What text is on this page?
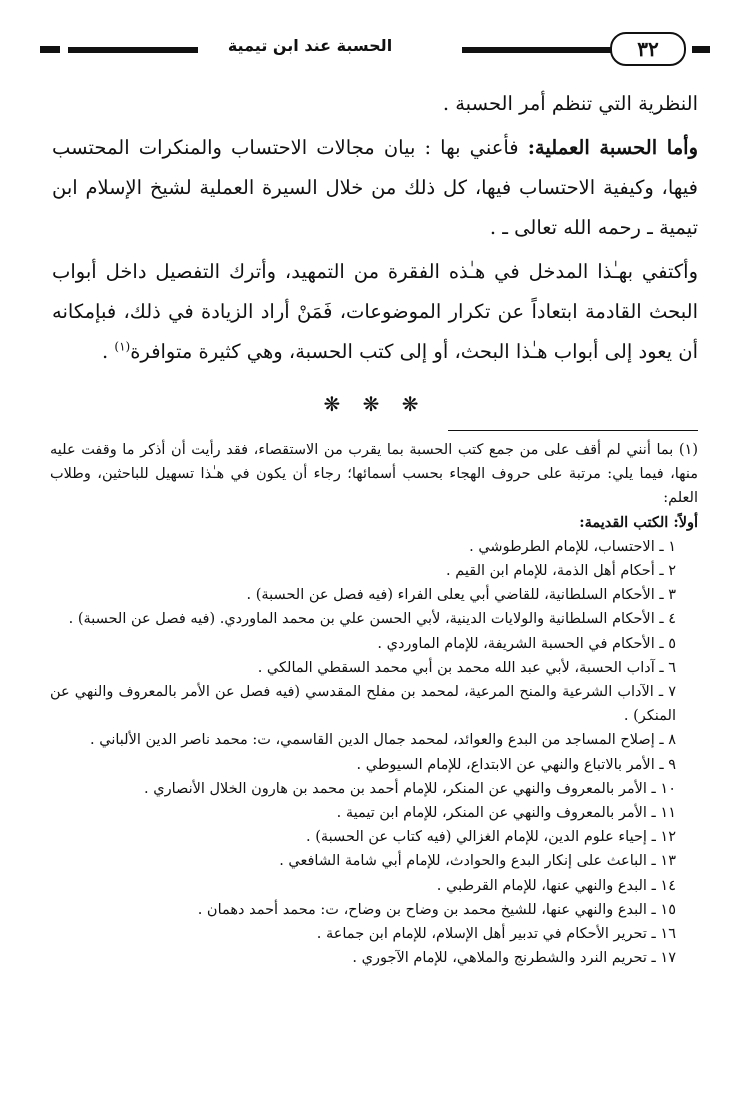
٣٢
الحسبة عند ابن تيمية

النظرية التي تنظم أمر الحسبة .

وأما الحسبة العملية: فأعني بها : بيان مجالات الاحتساب والمنكرات المحتسب فيها، وكيفية الاحتساب فيها، كل ذلك من خلال السيرة العملية لشيخ الإسلام ابن تيمية ـ رحمه الله تعالى ـ .

وأكتفي بهـٰذا المدخل في هـٰذه الفقرة من التمهيد، وأترك التفصيل داخل أبواب البحث القادمة ابتعاداً عن تكرار الموضوعات، فَمَنْ أراد الزيادة في ذلك، فبإمكانه أن يعود إلى أبواب هـٰذا البحث، أو إلى كتب الحسبة، وهي كثيرة متوافرة$^{(١)}$ .

❋ ❋ ❋

(١) بما أنني لم أقف على من جمع كتب الحسبة بما يقرب من الاستقصاء، فقد رأيت أن أذكر ما وقفت عليه منها، فيما يلي: مرتبة على حروف الهجاء بحسب أسمائها؛ رجاء أن يكون في هـٰذا تسهيل للباحثين، وطلاب العلم:

أولاً: الكتب القديمة:

١ ـ الاحتساب، للإمام الطرطوشي .
٢ ـ أحكام أهل الذمة، للإمام ابن القيم .
٣ ـ الأحكام السلطانية، للقاضي أبي يعلى الفراء (فيه فصل عن الحسبة) .
٤ ـ الأحكام السلطانية والولايات الدينية، لأبي الحسن علي بن محمد الماوردي. (فيه فصل عن الحسبة) .
٥ ـ الأحكام في الحسبة الشريفة، للإمام الماوردي .
٦ ـ آداب الحسبة، لأبي عبد الله محمد بن أبي محمد السقطي المالكي .
٧ ـ الآداب الشرعية والمنح المرعية، لمحمد بن مفلح المقدسي (فيه فصل عن الأمر بالمعروف والنهي عن المنكر) .
٨ ـ إصلاح المساجد من البدع والعوائد، لمحمد جمال الدين القاسمي، ت: محمد ناصر الدين الألباني .
٩ ـ الأمر بالاتباع والنهي عن الابتداع، للإمام السيوطي .
١٠ ـ الأمر بالمعروف والنهي عن المنكر، للإمام أحمد بن محمد بن هارون الخلال الأنصاري .
١١ ـ الأمر بالمعروف والنهي عن المنكر، للإمام ابن تيمية .
١٢ ـ إحياء علوم الدين، للإمام الغزالي (فيه كتاب عن الحسبة) .
١٣ ـ الباعث على إنكار البدع والحوادث، للإمام أبي شامة الشافعي .
١٤ ـ البدع والنهي عنها، للإمام القرطبي .
١٥ ـ البدع والنهي عنها، للشيخ محمد بن وضاح بن وضاح، ت: محمد أحمد دهمان .
١٦ ـ تحرير الأحكام في تدبير أهل الإسلام، للإمام ابن جماعة .
١٧ ـ تحريم النرد والشطرنج والملاهي، للإمام الآجوري .
